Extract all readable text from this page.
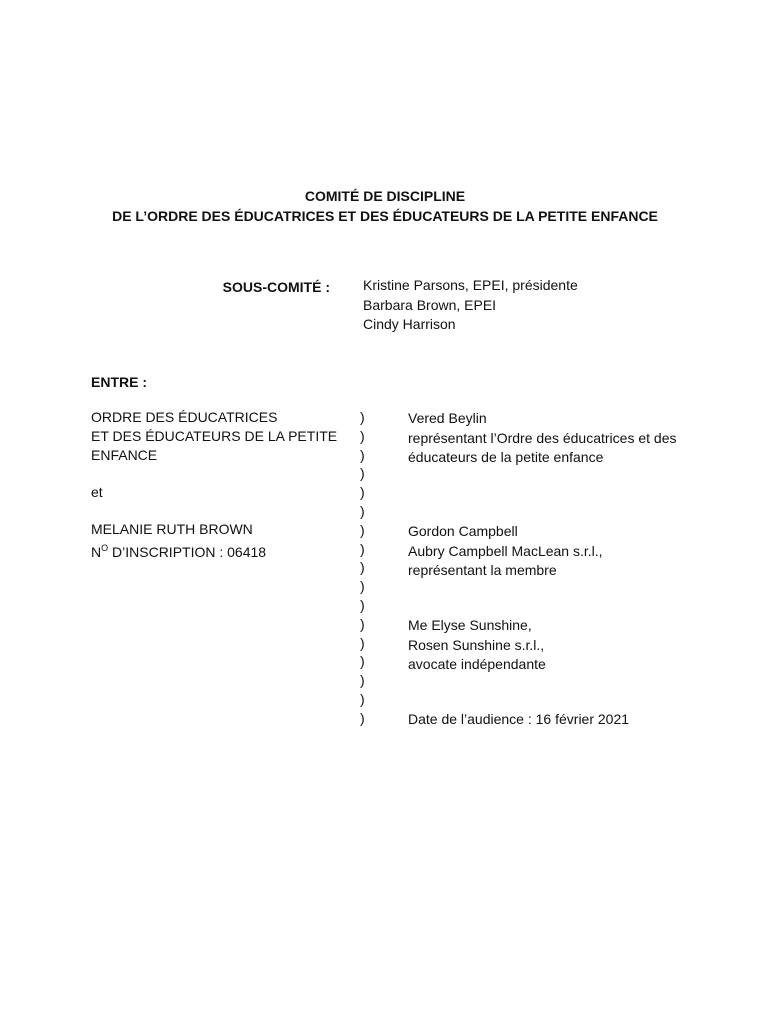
COMITÉ DE DISCIPLINE
DE L’ORDRE DES ÉDUCATRICES ET DES ÉDUCATEURS DE LA PETITE ENFANCE
SOUS-COMITÉ : Kristine Parsons, EPEI, présidente
Barbara Brown, EPEI
Cindy Harrison
ENTRE :
ORDRE DES ÉDUCATRICES
ET DES ÉDUCATEURS DE LA PETITE
ENFANCE
et
MELANIE RUTH BROWN
$N^O$ D’INSCRIPTION : 06418
)
)
)
)
)
)
)
)
)
)
)
)
)
)
)
)
)
Vered Beylin
représentant l’Ordre des éducatrices et des
éducateurs de la petite enfance
Gordon Campbell
Aubry Campbell MacLean s.r.l.,
représentant la membre
Me Elyse Sunshine,
Rosen Sunshine s.r.l.,
avocate indépendante
Date de l’audience : 16 février 2021
